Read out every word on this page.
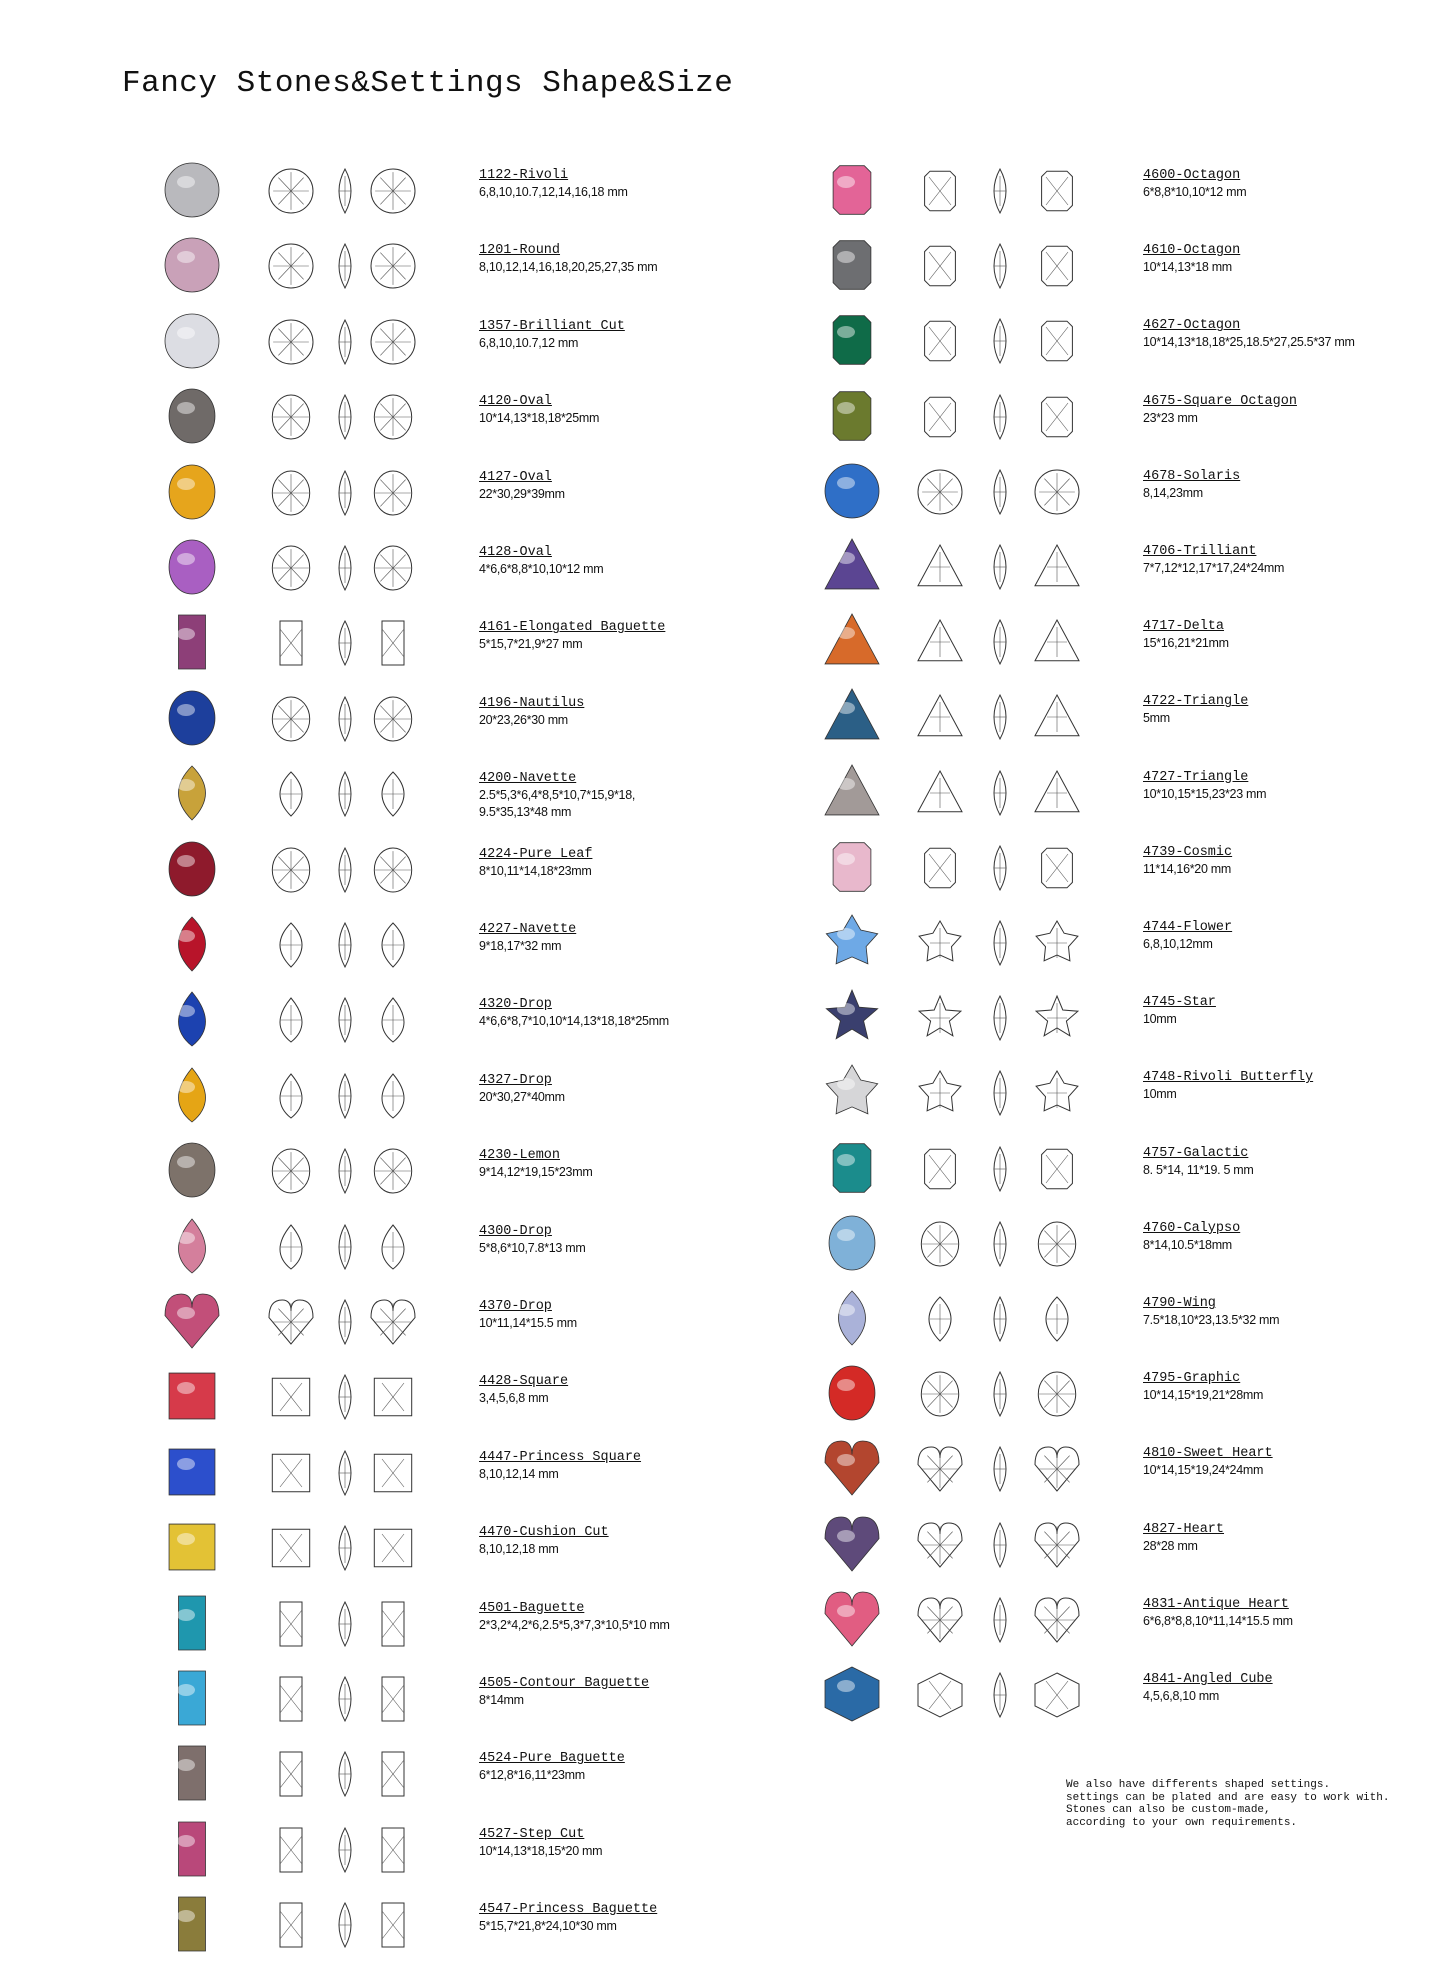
Fancy Stones&Settings Shape&Size
1122-Rivoli
6,8,10,10.7,12,14,16,18 mm
1201-Round
8,10,12,14,16,18,20,25,27,35 mm
1357-Brilliant Cut
6,8,10,10.7,12 mm
4120-Oval
10*14,13*18,18*25mm
4127-Oval
22*30,29*39mm
4128-Oval
4*6,6*8,8*10,10*12 mm
4161-Elongated Baguette
5*15,7*21,9*27 mm
4196-Nautilus
20*23,26*30 mm
4200-Navette
2.5*5,3*6,4*8,5*10,7*15,9*18,
9.5*35,13*48 mm
4224-Pure Leaf
8*10,11*14,18*23mm
4227-Navette
9*18,17*32 mm
4320-Drop
4*6,6*8,7*10,10*14,13*18,18*25mm
4327-Drop
20*30,27*40mm
4230-Lemon
9*14,12*19,15*23mm
4300-Drop
5*8,6*10,7.8*13 mm
4370-Drop
10*11,14*15.5 mm
4428-Square
3,4,5,6,8 mm
4447-Princess Square
8,10,12,14 mm
4470-Cushion Cut
8,10,12,18 mm
4501-Baguette
2*3,2*4,2*6,2.5*5,3*7,3*10,5*10 mm
4505-Contour Baguette
8*14mm
4524-Pure Baguette
6*12,8*16,11*23mm
4527-Step Cut
10*14,13*18,15*20 mm
4547-Princess Baguette
5*15,7*21,8*24,10*30 mm
4600-Octagon
6*8,8*10,10*12 mm
4610-Octagon
10*14,13*18 mm
4627-Octagon
10*14,13*18,18*25,18.5*27,25.5*37 mm
4675-Square Octagon
23*23 mm
4678-Solaris
8,14,23mm
4706-Trilliant
7*7,12*12,17*17,24*24mm
4717-Delta
15*16,21*21mm
4722-Triangle
5mm
4727-Triangle
10*10,15*15,23*23 mm
4739-Cosmic
11*14,16*20 mm
4744-Flower
6,8,10,12mm
4745-Star
10mm
4748-Rivoli Butterfly
10mm
4757-Galactic
8. 5*14, 11*19. 5 mm
4760-Calypso
8*14,10.5*18mm
4790-Wing
7.5*18,10*23,13.5*32 mm
4795-Graphic
10*14,15*19,21*28mm
4810-Sweet Heart
10*14,15*19,24*24mm
4827-Heart
28*28 mm
4831-Antique Heart
6*6,8*8,8,10*11,14*15.5 mm
4841-Angled Cube
4,5,6,8,10 mm
We also have differents shaped settings.
settings can be plated and are easy to work with.
Stones can also be custom-made,
according to your own requirements.
